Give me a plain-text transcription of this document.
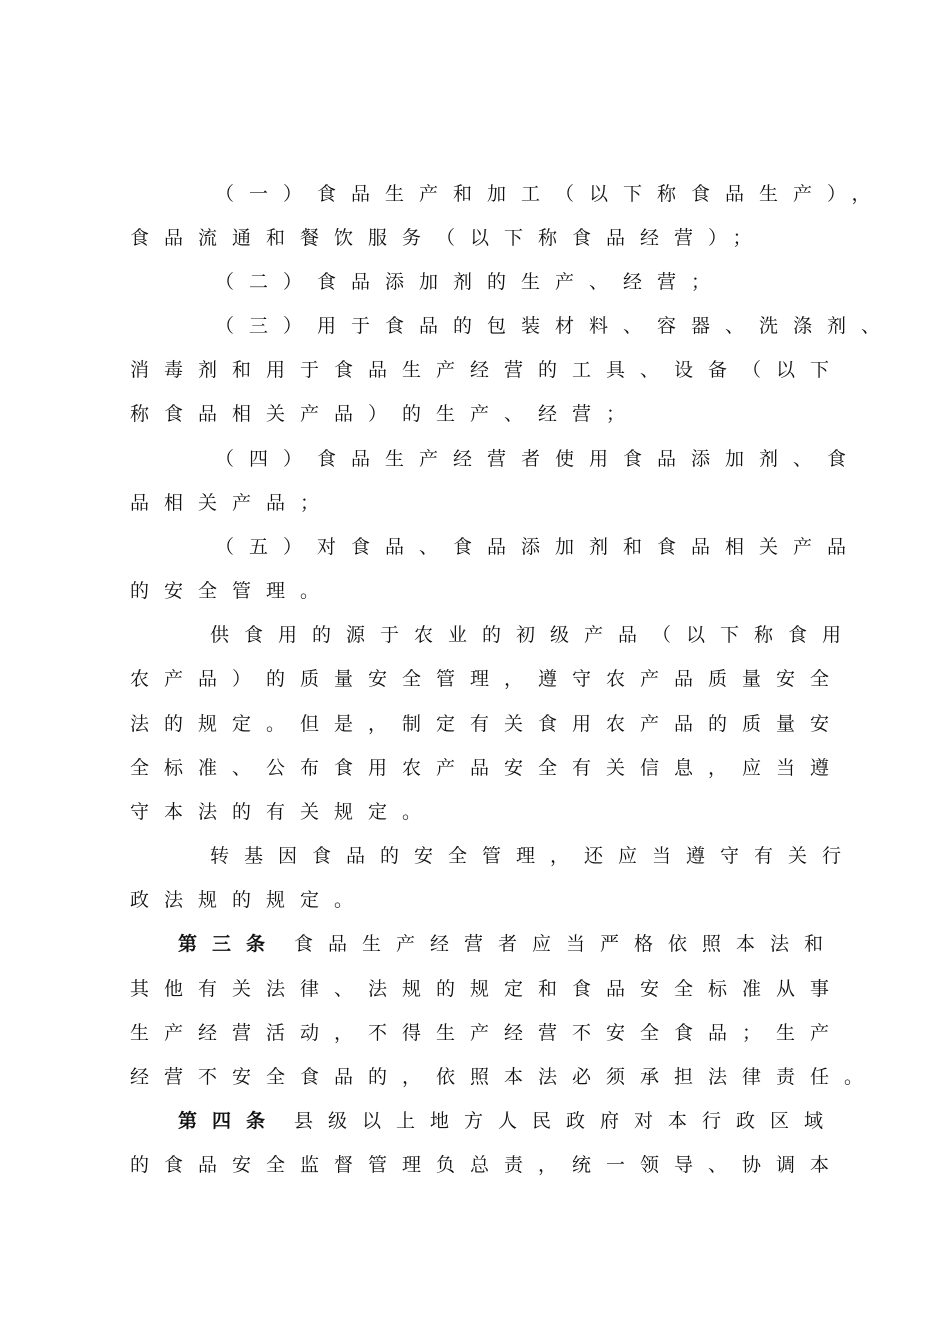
（一）食品生产和加工（以下称食品生产），
食品流通和餐饮服务（以下称食品经营）；
（二）食品添加剂的生产、经营；
（三）用于食品的包装材料、容器、洗涤剂、
消毒剂和用于食品生产经营的工具、设备（以下
称食品相关产品）的生产、经营；
（四）食品生产经营者使用食品添加剂、食
品相关产品；
（五）对食品、食品添加剂和食品相关产品
的安全管理。
供食用的源于农业的初级产品（以下称食用
农产品）的质量安全管理，遵守农产品质量安全
法的规定。但是，制定有关食用农产品的质量安
全标准、公布食用农产品安全有关信息，应当遵
守本法的有关规定。
转基因食品的安全管理，还应当遵守有关行
政法规的规定。
第三条 食品生产经营者应当严格依照本法和
其他有关法律、法规的规定和食品安全标准从事
生产经营活动，不得生产经营不安全食品；生产
经营不安全食品的，依照本法必须承担法律责任。
第四条 县级以上地方人民政府对本行政区域
的食品安全监督管理负总责，统一领导、协调本
